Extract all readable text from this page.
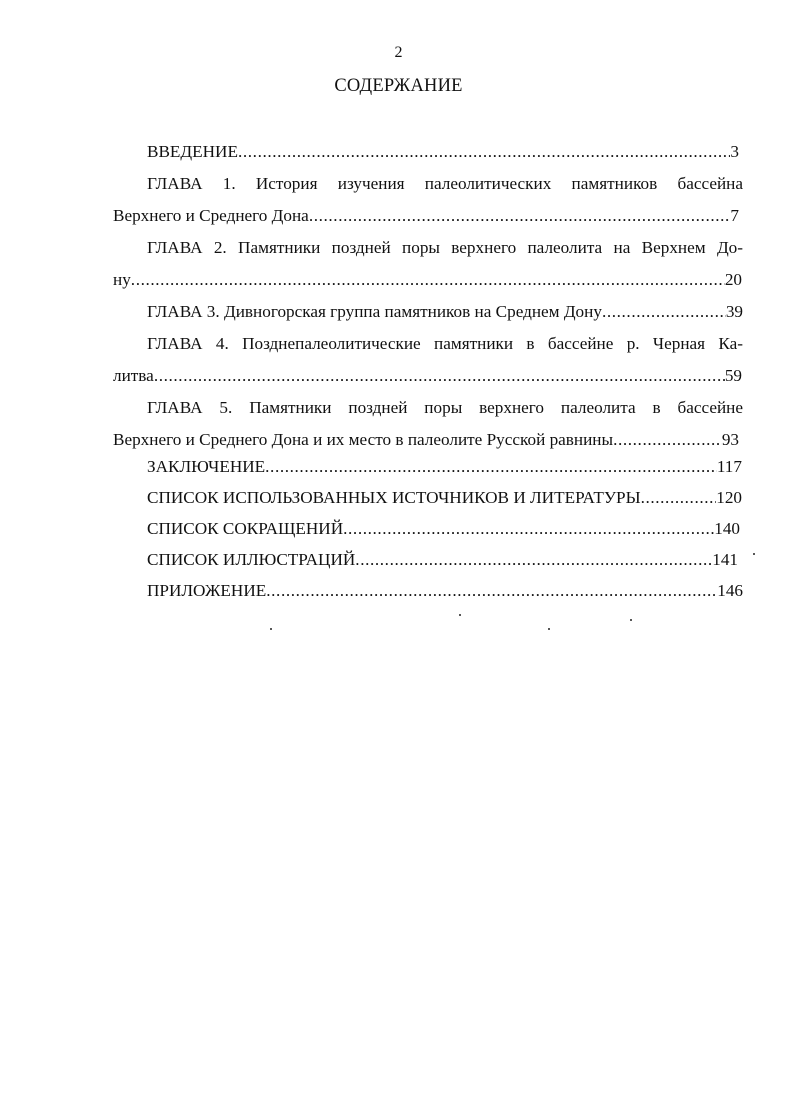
2
СОДЕРЖАНИЕ
ВВЕДЕНИЕ .....	3
ГЛАВА 1. История изучения палеолитических памятников бассейна
Верхнего и Среднего Дона .....	7
ГЛАВА 2. Памятники поздней поры верхнего палеолита на Верхнем До-
ну .....	20
ГЛАВА 3. Дивногорская группа памятников на Среднем Дону .....	39
ГЛАВА 4. Позднепалеолитические памятники в бассейне р. Черная Ка-
литва .....	59
ГЛАВА 5. Памятники поздней поры верхнего палеолита в бассейне
Верхнего и Среднего Дона и их место в палеолите Русской равнины .....	93
ЗАКЛЮЧЕНИЕ .....	117
СПИСОК ИСПОЛЬЗОВАННЫХ ИСТОЧНИКОВ И ЛИТЕРАТУРЫ .....	120
СПИСОК СОКРАЩЕНИЙ .....	140
СПИСОК ИЛЛЮСТРАЦИЙ .....	141
ПРИЛОЖЕНИЕ .....	146
